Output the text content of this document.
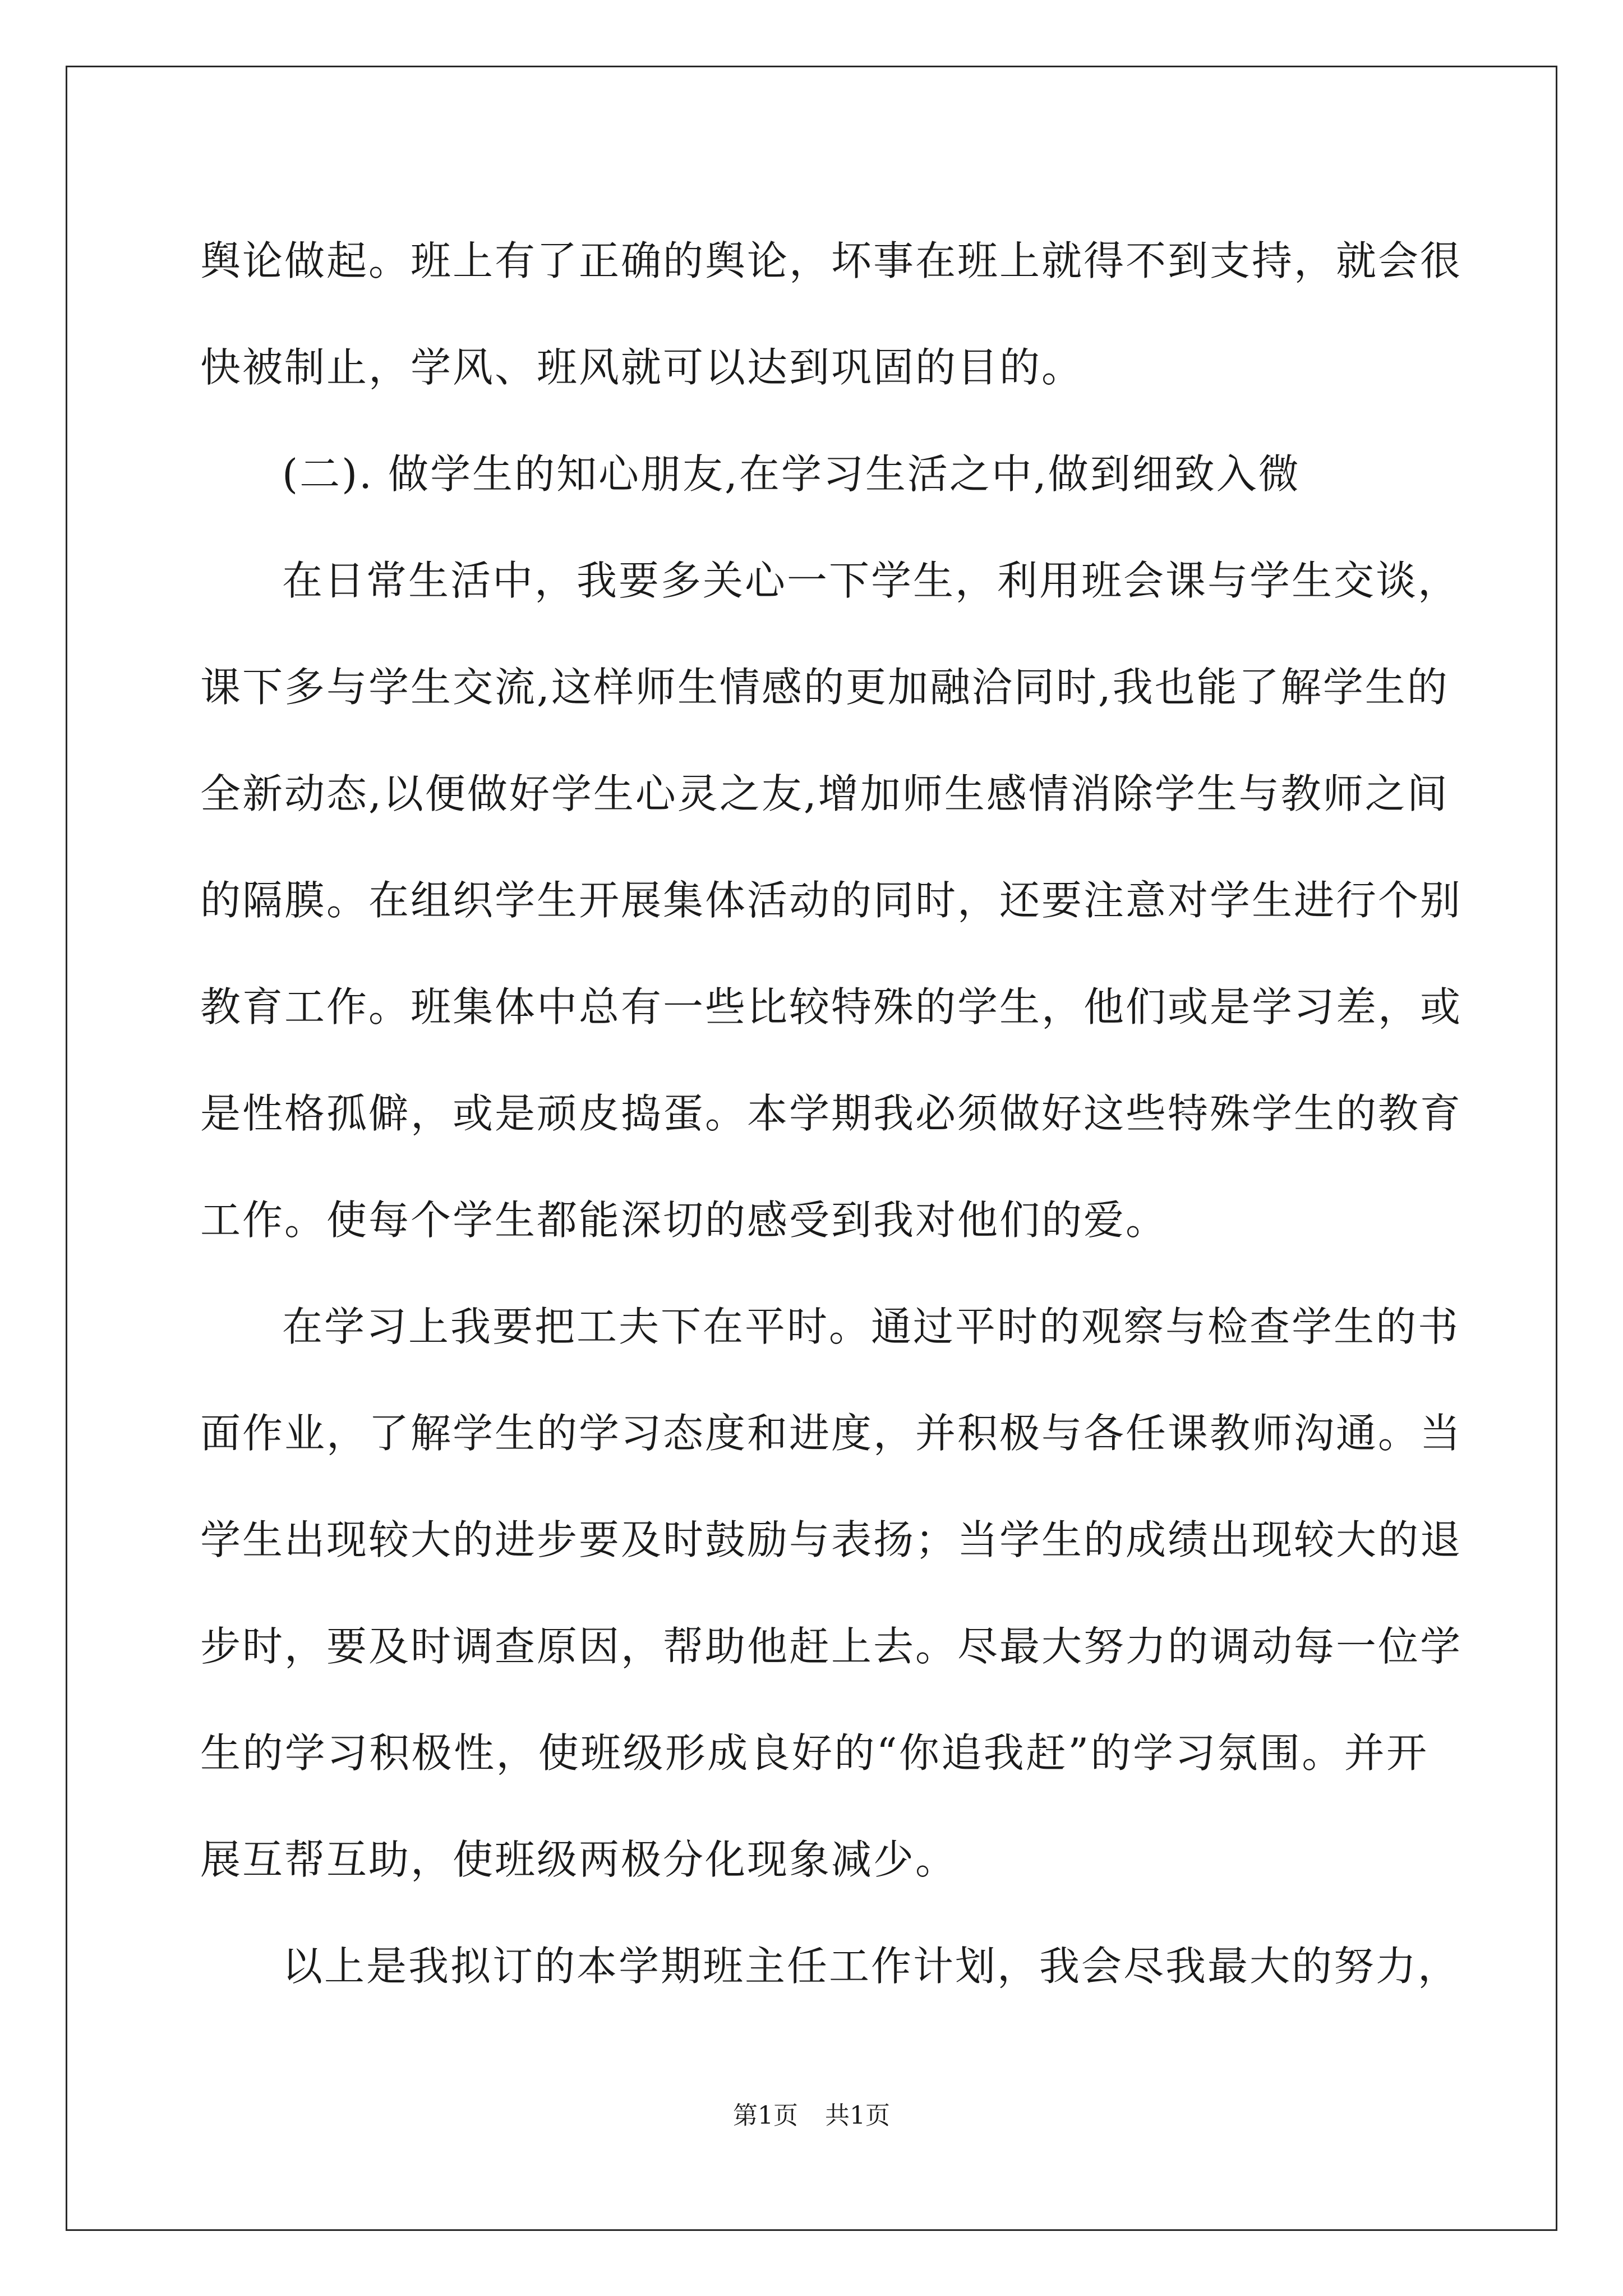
舆论做起。班上有了正确的舆论，坏事在班上就得不到支持，就会很
快被制止，学风、班风就可以达到巩固的目的。
(二). 做学生的知心朋友,在学习生活之中,做到细致入微
在日常生活中，我要多关心一下学生，利用班会课与学生交谈，
课下多与学生交流,这样师生情感的更加融洽同时,我也能了解学生的
全新动态,以便做好学生心灵之友,增加师生感情消除学生与教师之间
的隔膜。在组织学生开展集体活动的同时，还要注意对学生进行个别
教育工作。班集体中总有一些比较特殊的学生，他们或是学习差，或
是性格孤僻，或是顽皮捣蛋。本学期我必须做好这些特殊学生的教育
工作。使每个学生都能深切的感受到我对他们的爱。
在学习上我要把工夫下在平时。通过平时的观察与检查学生的书
面作业，了解学生的学习态度和进度，并积极与各任课教师沟通。当
学生出现较大的进步要及时鼓励与表扬；当学生的成绩出现较大的退
步时，要及时调查原因，帮助他赶上去。尽最大努力的调动每一位学
生的学习积极性，使班级形成良好的“你追我赶”的学习氛围。并开
展互帮互助，使班级两极分化现象减少。
以上是我拟订的本学期班主任工作计划，我会尽我最大的努力，
第1页 共1页
